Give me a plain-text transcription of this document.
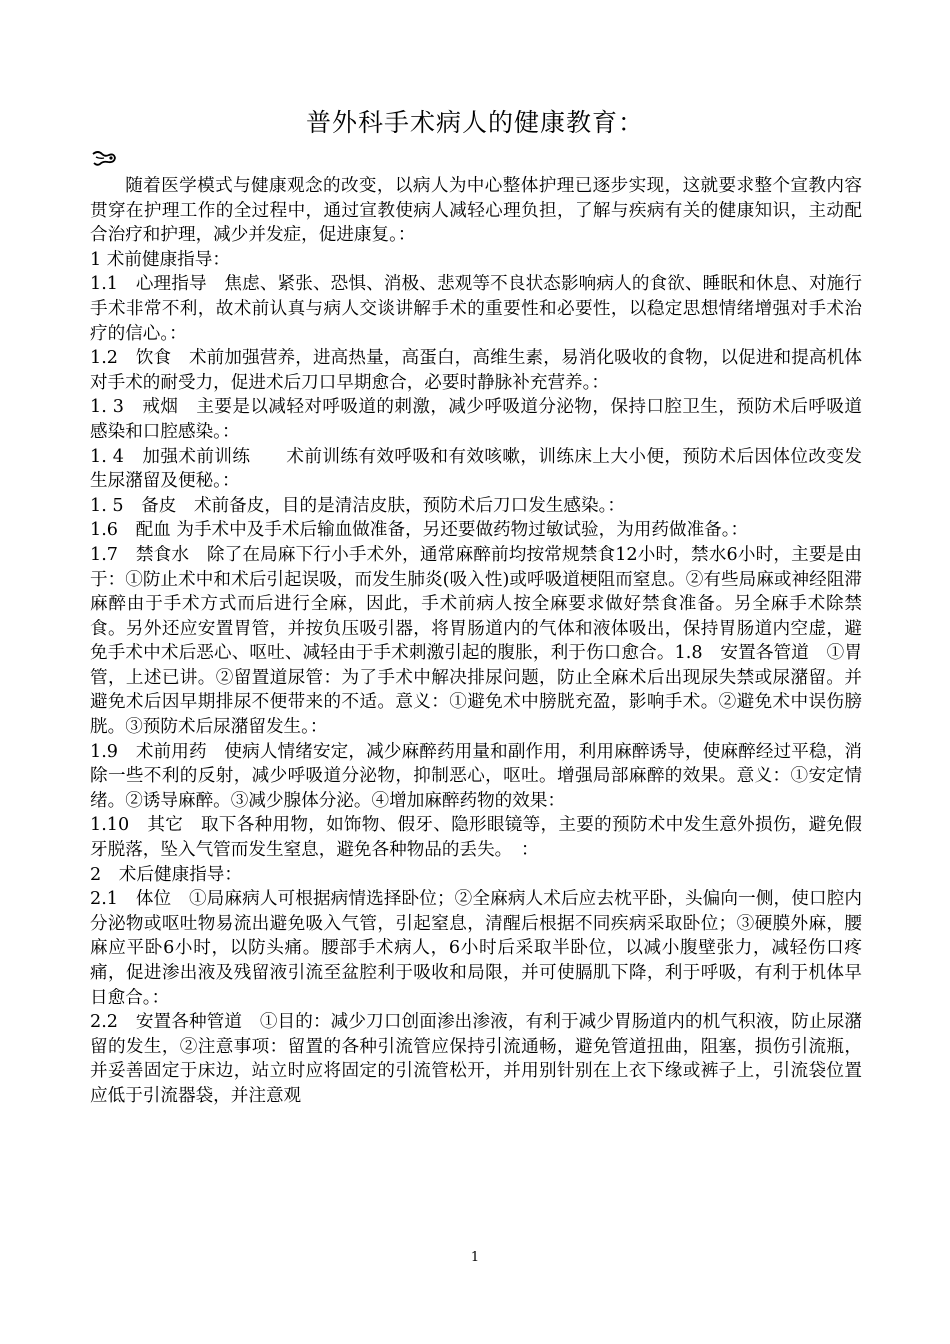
普外科手术病人的健康教育：

随着医学模式与健康观念的改变，以病人为中心整体护理已逐步实现，这就要求整个宣教内容贯穿在护理工作的全过程中，通过宣教使病人减轻心理负担，了解与疾病有关的健康知识，主动配合治疗和护理，减少并发症，促进康复。：

1 术前健康指导：

1.1　心理指导　焦虑、紧张、恐惧、消极、悲观等不良状态影响病人的食欲、睡眠和休息、对施行手术非常不利，故术前认真与病人交谈讲解手术的重要性和必要性，以稳定思想情绪增强对手术治疗的信心。：

1.2　饮食　术前加强营养，进高热量，高蛋白，高维生素，易消化吸收的食物，以促进和提高机体对手术的耐受力，促进术后刀口早期愈合，必要时静脉补充营养。：

1. 3　戒烟　主要是以减轻对呼吸道的刺激，减少呼吸道分泌物，保持口腔卫生，预防术后呼吸道感染和口腔感染。：

1. 4　加强术前训练　　术前训练有效呼吸和有效咳嗽，训练床上大小便，预防术后因体位改变发生尿潴留及便秘。：

1. 5　备皮　术前备皮，目的是清洁皮肤，预防术后刀口发生感染。：

1.6　配血 为手术中及手术后输血做准备，另还要做药物过敏试验，为用药做准备。：

1.7　禁食水　除了在局麻下行小手术外，通常麻醉前均按常规禁食12小时，禁水6小时，主要是由于：①防止术中和术后引起误吸，而发生肺炎(吸入性)或呼吸道梗阻而窒息。②有些局麻或神经阻滞麻醉由于手术方式而后进行全麻，因此，手术前病人按全麻要求做好禁食准备。另全麻手术除禁食。另外还应安置胃管，并按负压吸引器，将胃肠道内的气体和液体吸出，保持胃肠道内空虚，避免手术中术后恶心、呕吐、减轻由于手术刺激引起的腹胀，利于伤口愈合。1.8　安置各管道　①胃管，上述已讲。②留置道尿管：为了手术中解决排尿问题，防止全麻术后出现尿失禁或尿潴留。并避免术后因早期排尿不便带来的不适。意义：①避免术中膀胱充盈，影响手术。②避免术中误伤膀胱。③预防术后尿潴留发生。：

1.9　术前用药　使病人情绪安定，减少麻醉药用量和副作用，利用麻醉诱导，使麻醉经过平稳，消除一些不利的反射，减少呼吸道分泌物，抑制恶心，呕吐。增强局部麻醉的效果。意义：①安定情绪。②诱导麻醉。③减少腺体分泌。④增加麻醉药物的效果：

1.10　其它　取下各种用物，如饰物、假牙、隐形眼镜等，主要的预防术中发生意外损伤，避免假牙脱落，坠入气管而发生窒息，避免各种物品的丢失。　：

2　术后健康指导：

2.1　体位　①局麻病人可根据病情选择卧位；②全麻病人术后应去枕平卧，头偏向一侧，使口腔内分泌物或呕吐物易流出避免吸入气管，引起窒息，清醒后根据不同疾病采取卧位；③硬膜外麻，腰麻应平卧6小时，以防头痛。腰部手术病人，6小时后采取半卧位，以减小腹壁张力，减轻伤口疼痛，促进渗出液及残留液引流至盆腔利于吸收和局限，并可使膈肌下降，利于呼吸，有利于机体早日愈合。：

2.2　安置各种管道　①目的：减少刀口创面渗出渗液，有利于减少胃肠道内的机气积液，防止尿潴留的发生，②注意事项：留置的各种引流管应保持引流通畅，避免管道扭曲，阻塞，损伤引流瓶，并妥善固定于床边，站立时应将固定的引流管松开，并用别针别在上衣下缘或裤子上，引流袋位置应低于引流器袋，并注意观

1
